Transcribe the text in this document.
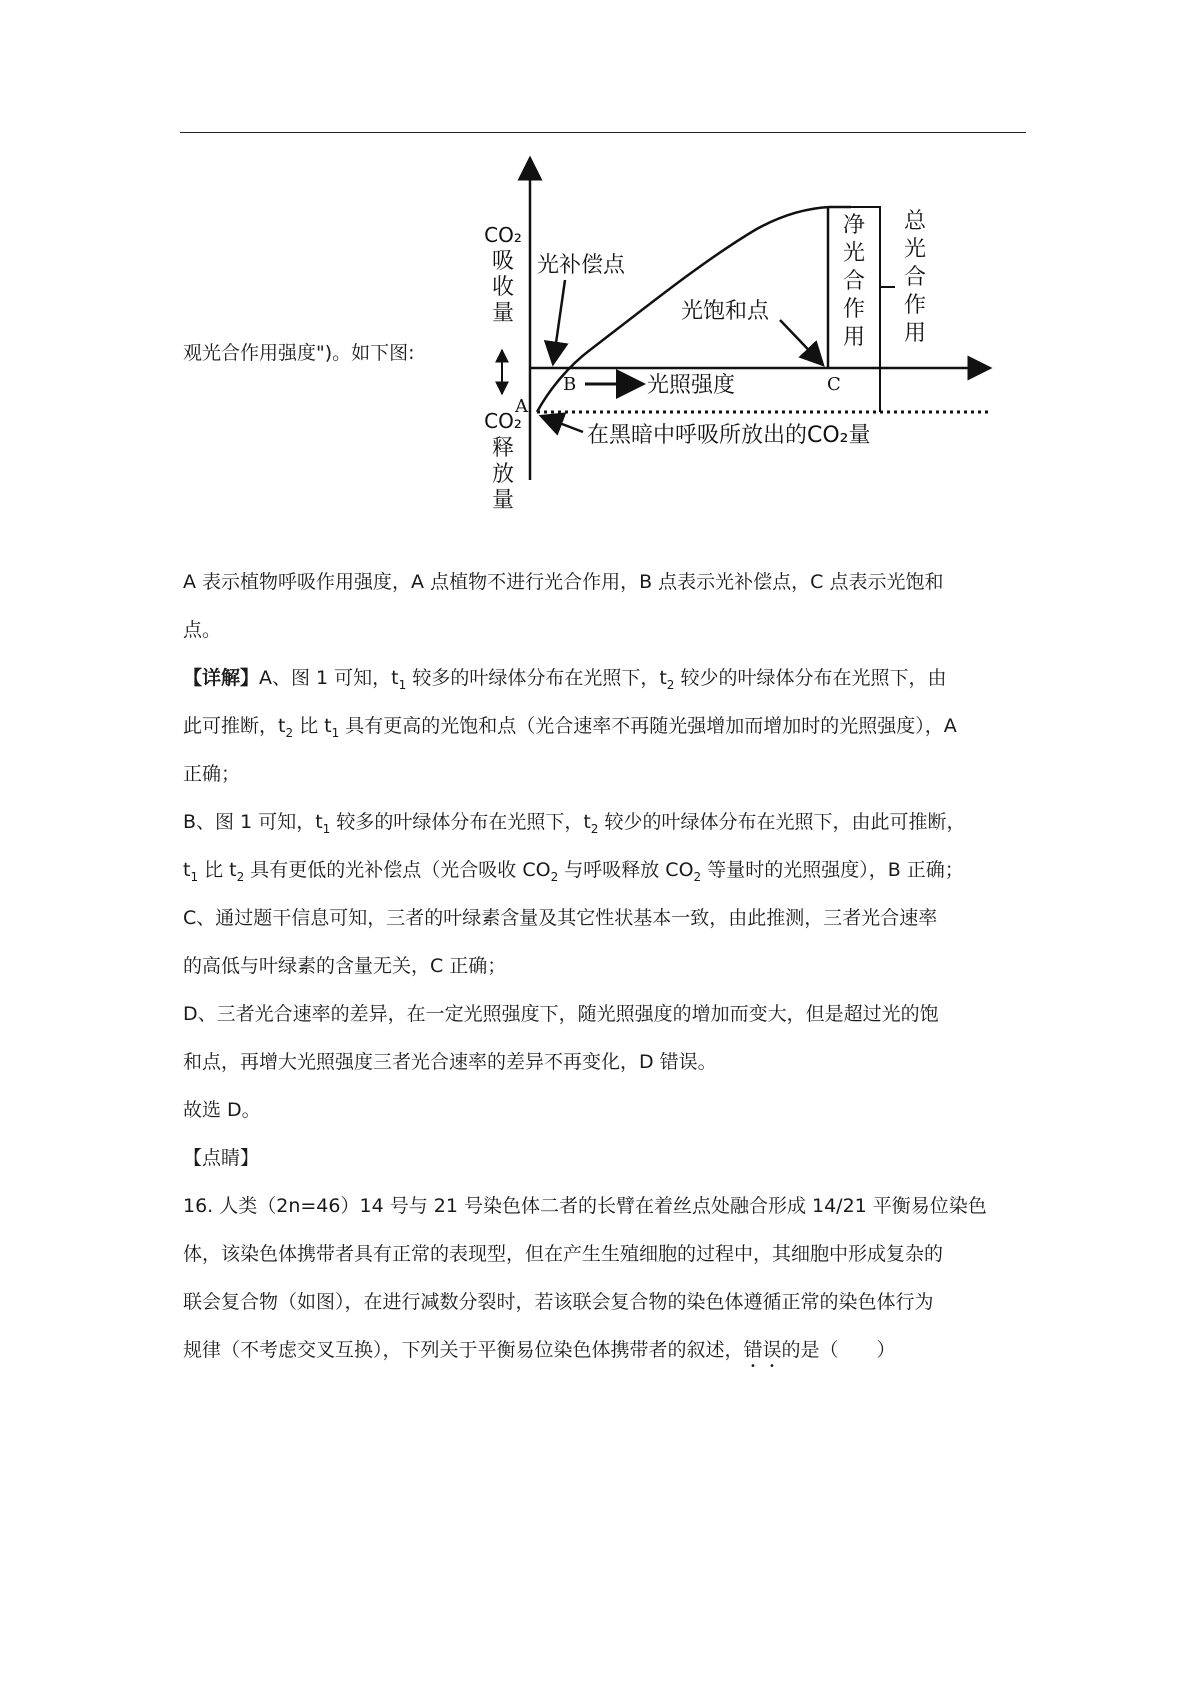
观光合作用强度")。如下图:
CO₂
吸
收
量
CO₂
释
放
量
A
B	C
光补偿点
光饱和点
光照强度
在黑暗中呼吸所放出的CO₂量
净
光
合
作
用
总
光
合
作
用
A 表示植物呼吸作用强度，A 点植物不进行光合作用，B 点表示光补偿点，C 点表示光饱和
点。
【详解】A、图 1 可知，$t_1$ 较多的叶绿体分布在光照下，$t_2$ 较少的叶绿体分布在光照下，由
此可推断，$t_2$ 比 $t_1$ 具有更高的光饱和点（光合速率不再随光强增加而增加时的光照强度），A
正确；
B、图 1 可知，$t_1$ 较多的叶绿体分布在光照下，$t_2$ 较少的叶绿体分布在光照下，由此可推断，
$t_1$ 比 $t_2$ 具有更低的光补偿点（光合吸收 $CO_2$ 与呼吸释放 $CO_2$ 等量时的光照强度），B 正确；
C、通过题干信息可知，三者的叶绿素含量及其它性状基本一致，由此推测，三者光合速率
的高低与叶绿素的含量无关，C 正确；
D、三者光合速率的差异，在一定光照强度下，随光照强度的增加而变大，但是超过光的饱
和点，再增大光照强度三者光合速率的差异不再变化，D 错误。
故选 D。
【点睛】
16. 人类（2n=46）14 号与 21 号染色体二者的长臂在着丝点处融合形成 14/21 平衡易位染色
体，该染色体携带者具有正常的表现型，但在产生生殖细胞的过程中，其细胞中形成复杂的
联会复合物（如图），在进行减数分裂时，若该联会复合物的染色体遵循正常的染色体行为
规律（不考虑交叉互换），下列关于平衡易位染色体携带者的叙述，错误的是（　　）
